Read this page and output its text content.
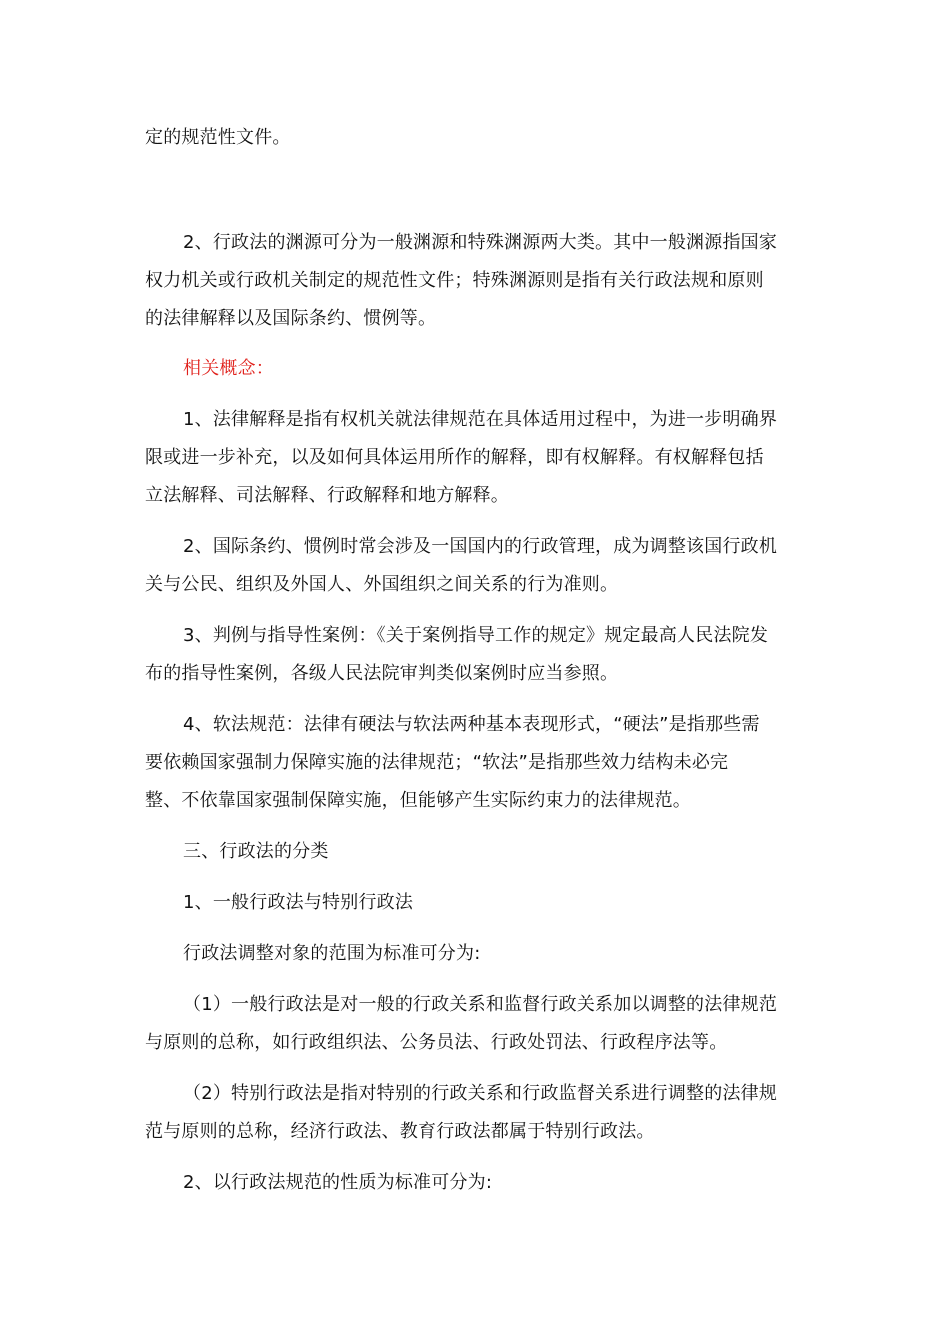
定的规范性文件。
2、行政法的渊源可分为一般渊源和特殊渊源两大类。其中一般渊源指国家
权力机关或行政机关制定的规范性文件；特殊渊源则是指有关行政法规和原则
的法律解释以及国际条约、惯例等。
相关概念：
1、法律解释是指有权机关就法律规范在具体适用过程中，为进一步明确界
限或进一步补充，以及如何具体运用所作的解释，即有权解释。有权解释包括
立法解释、司法解释、行政解释和地方解释。
2、国际条约、惯例时常会涉及一国国内的行政管理，成为调整该国行政机
关与公民、组织及外国人、外国组织之间关系的行为准则。
3、判例与指导性案例：《关于案例指导工作的规定》规定最高人民法院发
布的指导性案例，各级人民法院审判类似案例时应当参照。
4、软法规范：法律有硬法与软法两种基本表现形式，“硬法”是指那些需
要依赖国家强制力保障实施的法律规范；“软法”是指那些效力结构未必完
整、不依靠国家强制保障实施，但能够产生实际约束力的法律规范。
三、行政法的分类
1、一般行政法与特别行政法
行政法调整对象的范围为标准可分为:
（1）一般行政法是对一般的行政关系和监督行政关系加以调整的法律规范
与原则的总称，如行政组织法、公务员法、行政处罚法、行政程序法等。
（2）特别行政法是指对特别的行政关系和行政监督关系进行调整的法律规
范与原则的总称，经济行政法、教育行政法都属于特别行政法。
2、以行政法规范的性质为标准可分为:
